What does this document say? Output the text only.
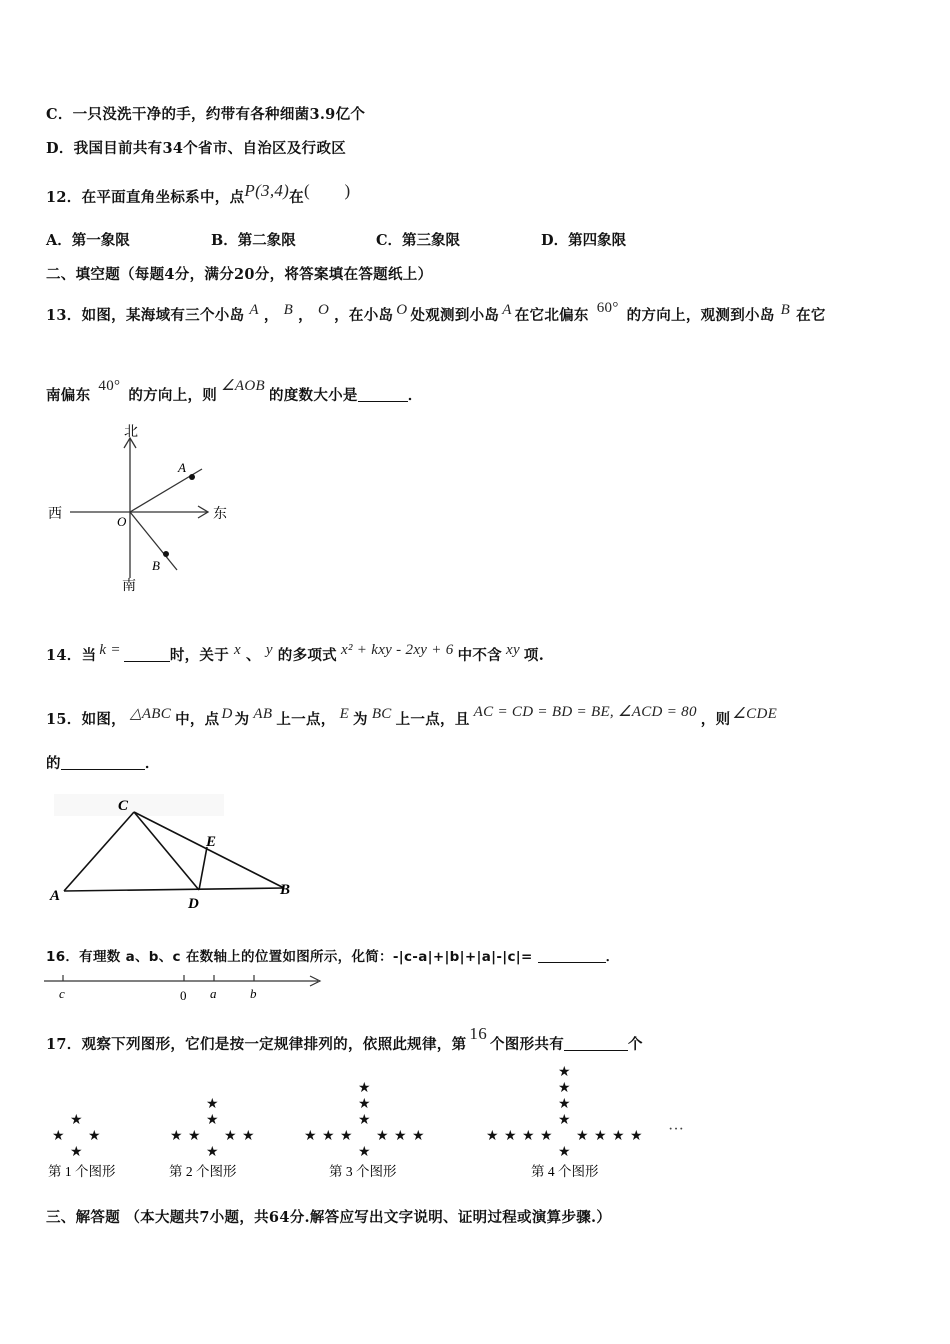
C．一只没洗干净的手，约带有各种细菌3.9亿个
D．我国目前共有34个省市、自治区及行政区
12．在平面直角坐标系中，点P(3,4)在(　　)
A．第一象限	B．第二象限	C．第三象限	D．第四象限
二、填空题（每题4分，满分20分，将答案填在答题纸上）
13．如图，某海域有三个小岛 A ， B ， O ，在小岛 O 处观测到小岛 A 在它北偏东 60° 的方向上，观测到小岛 B 在它
南偏东40°的方向上，则∠AOB的度数大小是	．
北
南
西	东
A
B
O
14．当 k =	时，关于 x 、 y 的多项式 x² + kxy - 2xy + 6 中不含 xy 项.
15．如图， △ABC 中，点 D 为 AB 上一点， E 为 BC 上一点，且 AC = CD = BD = BE, ∠ACD = 80 ，则 ∠CDE
的	．
C
A	B
D
E
16．有理数 a、b、c 在数轴上的位置如图所示，化简：-|c-a|+|b|+|a|-|c|=	．
c	0 a	b
17．观察下列图形，它们是按一定规律排列的，依照此规律，第16个图形共有	个
★ ★
★
★
★ ★
★
★	★
★
★
★ ★
★
★	★
★
★	★
★
★
★ ★
★
★	★
★
★	★
★
★	★
★
★
···
第 1 个图形	第 2 个图形	第 3 个图形	第 4 个图形
三、解答题 （本大题共7小题，共64分.解答应写出文字说明、证明过程或演算步骤.）
